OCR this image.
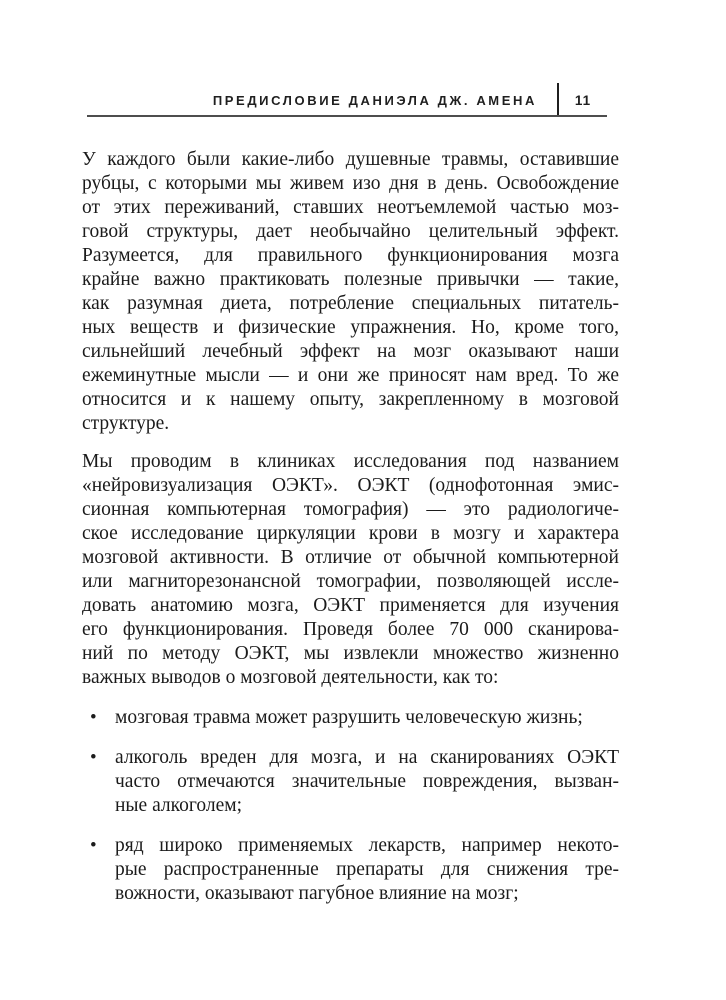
ПРЕДИСЛОВИЕ ДАНИЭЛА ДЖ. АМЕНА	11
У каждого были какие-либо душевные травмы, оставившие
рубцы, с которыми мы живем изо дня в день. Освобождение
от этих переживаний, ставших неотъемлемой частью моз-
говой структуры, дает необычайно целительный эффект.
Разумеется, для правильного функционирования мозга
крайне важно практиковать полезные привычки — такие,
как разумная диета, потребление специальных питатель-
ных веществ и физические упражнения. Но, кроме того,
сильнейший лечебный эффект на мозг оказывают наши
ежеминутные мысли — и они же приносят нам вред. То же
относится и к нашему опыту, закрепленному в мозговой
структуре.
Мы проводим в клиниках исследования под названием
«нейровизуализация ОЭКТ». ОЭКТ (однофотонная эмис-
сионная компьютерная томография) — это радиологиче-
ское исследование циркуляции крови в мозгу и характера
мозговой активности. В отличие от обычной компьютерной
или магниторезонансной томографии, позволяющей иссле-
довать анатомию мозга, ОЭКТ применяется для изучения
его функционирования. Проведя более 70 000 сканирова-
ний по методу ОЭКТ, мы извлекли множество жизненно
важных выводов о мозговой деятельности, как то:
• мозговая травма может разрушить человеческую жизнь;
• алкоголь вреден для мозга, и на сканированиях ОЭКТ
часто отмечаются значительные повреждения, вызван-
ные алкоголем;
• ряд широко применяемых лекарств, например некото-
рые распространенные препараты для снижения тре-
вожности, оказывают пагубное влияние на мозг;
